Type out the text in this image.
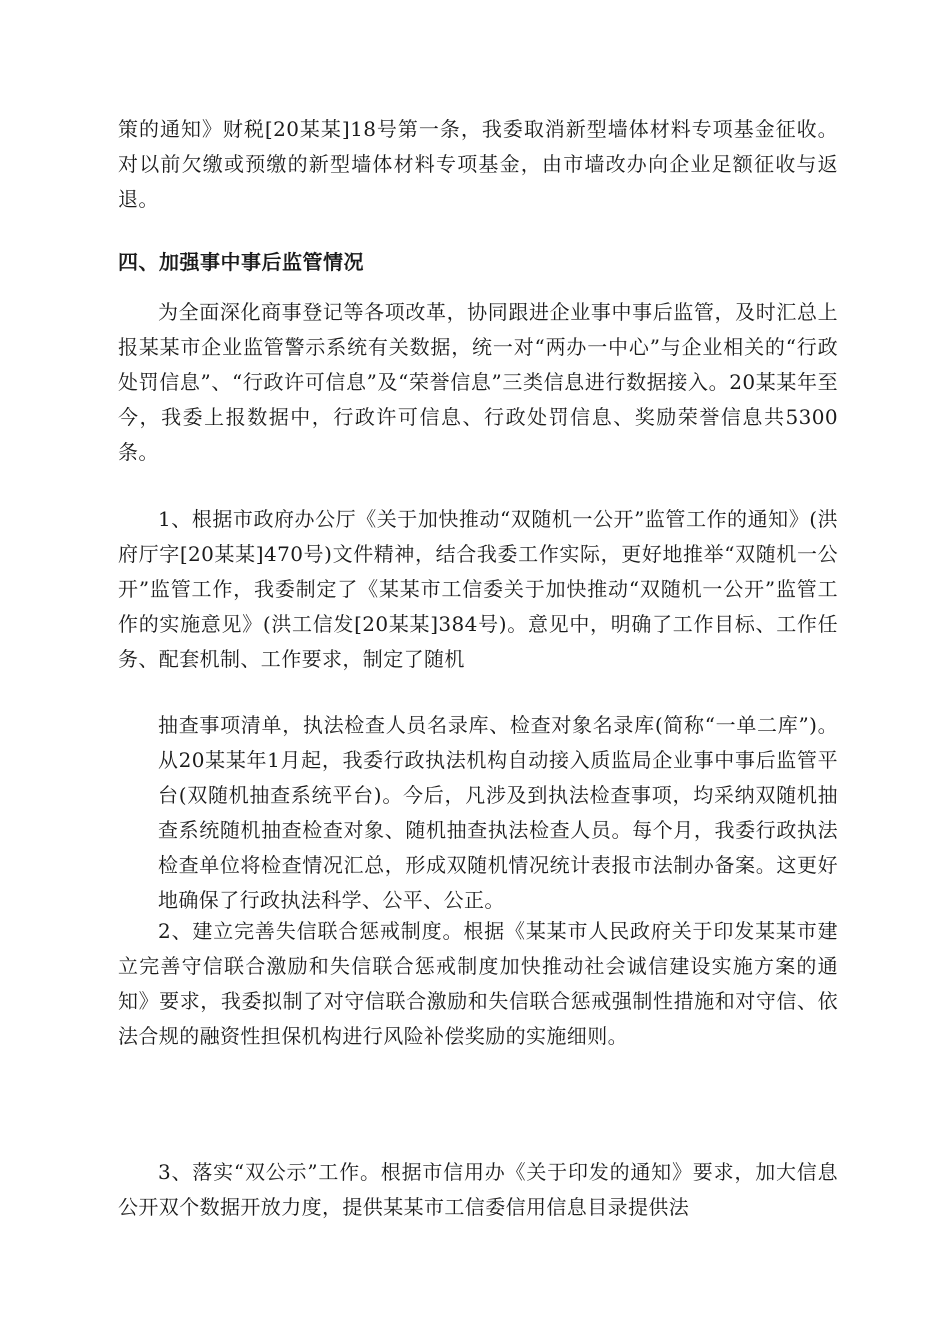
策的通知》财税[20某某]18号第一条，我委取消新型墙体材料专项基金征收。对以前欠缴或预缴的新型墙体材料专项基金，由市墙改办向企业足额征收与返退。

四、加强事中事后监管情况

为全面深化商事登记等各项改革，协同跟进企业事中事后监管，及时汇总上报某某市企业监管警示系统有关数据，统一对“两办一中心”与企业相关的“行政处罚信息”、“行政许可信息”及“荣誉信息”三类信息进行数据接入。20某某年至今，我委上报数据中，行政许可信息、行政处罚信息、奖励荣誉信息共5300条。

1、根据市政府办公厅《关于加快推动“双随机一公开”监管工作的通知》(洪府厅字[20某某]470号)文件精神，结合我委工作实际，更好地推举“双随机一公开”监管工作，我委制定了《某某市工信委关于加快推动“双随机一公开”监管工作的实施意见》(洪工信发[20某某]384号)。意见中，明确了工作目标、工作任务、配套机制、工作要求，制定了随机

抽查事项清单，执法检查人员名录库、检查对象名录库(简称“一单二库”)。从20某某年1月起，我委行政执法机构自动接入质监局企业事中事后监管平台(双随机抽查系统平台)。今后，凡涉及到执法检查事项，均采纳双随机抽查系统随机抽查检查对象、随机抽查执法检查人员。每个月，我委行政执法检查单位将检查情况汇总，形成双随机情况统计表报市法制办备案。这更好地确保了行政执法科学、公平、公正。

2、建立完善失信联合惩戒制度。根据《某某市人民政府关于印发某某市建立完善守信联合激励和失信联合惩戒制度加快推动社会诚信建设实施方案的通知》要求，我委拟制了对守信联合激励和失信联合惩戒强制性措施和对守信、依法合规的融资性担保机构进行风险补偿奖励的实施细则。

3、落实“双公示”工作。根据市信用办《关于印发的通知》要求，加大信息公开双个数据开放力度，提供某某市工信委信用信息目录提供法
